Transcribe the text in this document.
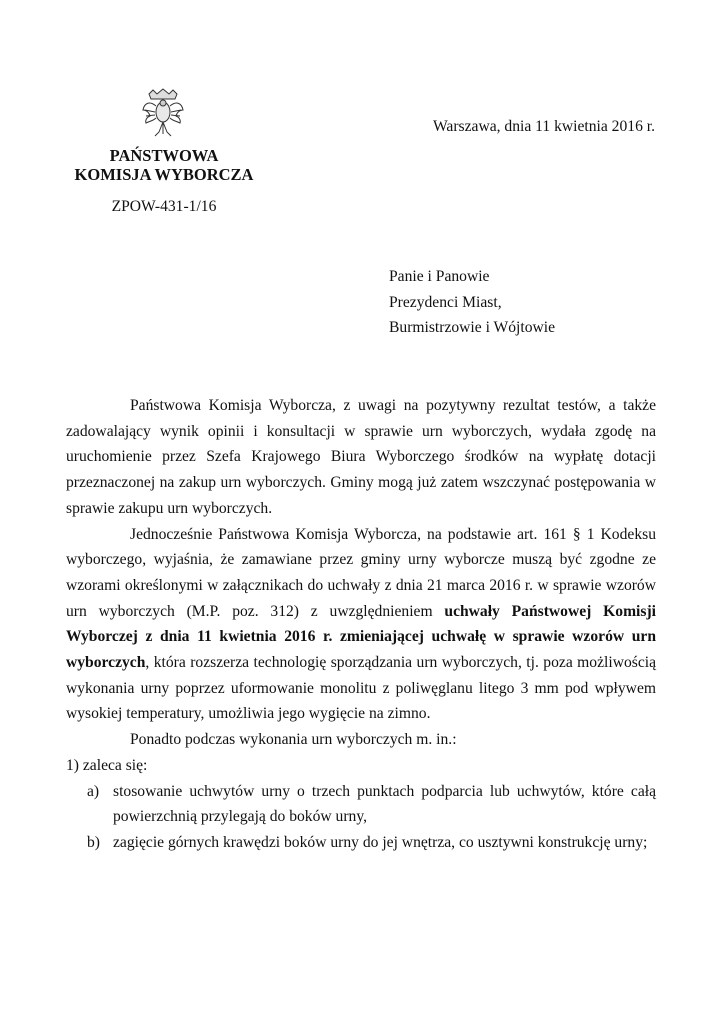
PAŃSTWOWA
KOMISJA WYBORCZA
ZPOW-431-1/16
Warszawa, dnia 11 kwietnia 2016 r.
Panie i Panowie
Prezydenci Miast,
Burmistrzowie i Wójtowie

Państwowa Komisja Wyborcza, z uwagi na pozytywny rezultat testów, a także zadowalający wynik opinii i konsultacji w sprawie urn wyborczych, wydała zgodę na uruchomienie przez Szefa Krajowego Biura Wyborczego środków na wypłatę dotacji przeznaczonej na zakup urn wyborczych. Gminy mogą już zatem wszczynać postępowania w sprawie zakupu urn wyborczych.

Jednocześnie Państwowa Komisja Wyborcza, na podstawie art. 161 § 1 Kodeksu wyborczego, wyjaśnia, że zamawiane przez gminy urny wyborcze muszą być zgodne ze wzorami określonymi w załącznikach do uchwały z dnia 21 marca 2016 r. w sprawie wzorów urn wyborczych (M.P. poz. 312) z uwzględnieniem uchwały Państwowej Komisji Wyborczej z dnia 11 kwietnia 2016 r. zmieniającej uchwałę w sprawie wzorów urn wyborczych, która rozszerza technologię sporządzania urn wyborczych, tj. poza możliwością wykonania urny poprzez uformowanie monolitu z poliwęglanu litego 3 mm pod wpływem wysokiej temperatury, umożliwia jego wygięcie na zimno.

Ponadto podczas wykonania urn wyborczych m. in.:

1) zaleca się:

a) stosowanie uchwytów urny o trzech punktach podparcia lub uchwytów, które całą powierzchnią przylegają do boków urny,
b) zagięcie górnych krawędzi boków urny do jej wnętrza, co usztywni konstrukcję urny;
